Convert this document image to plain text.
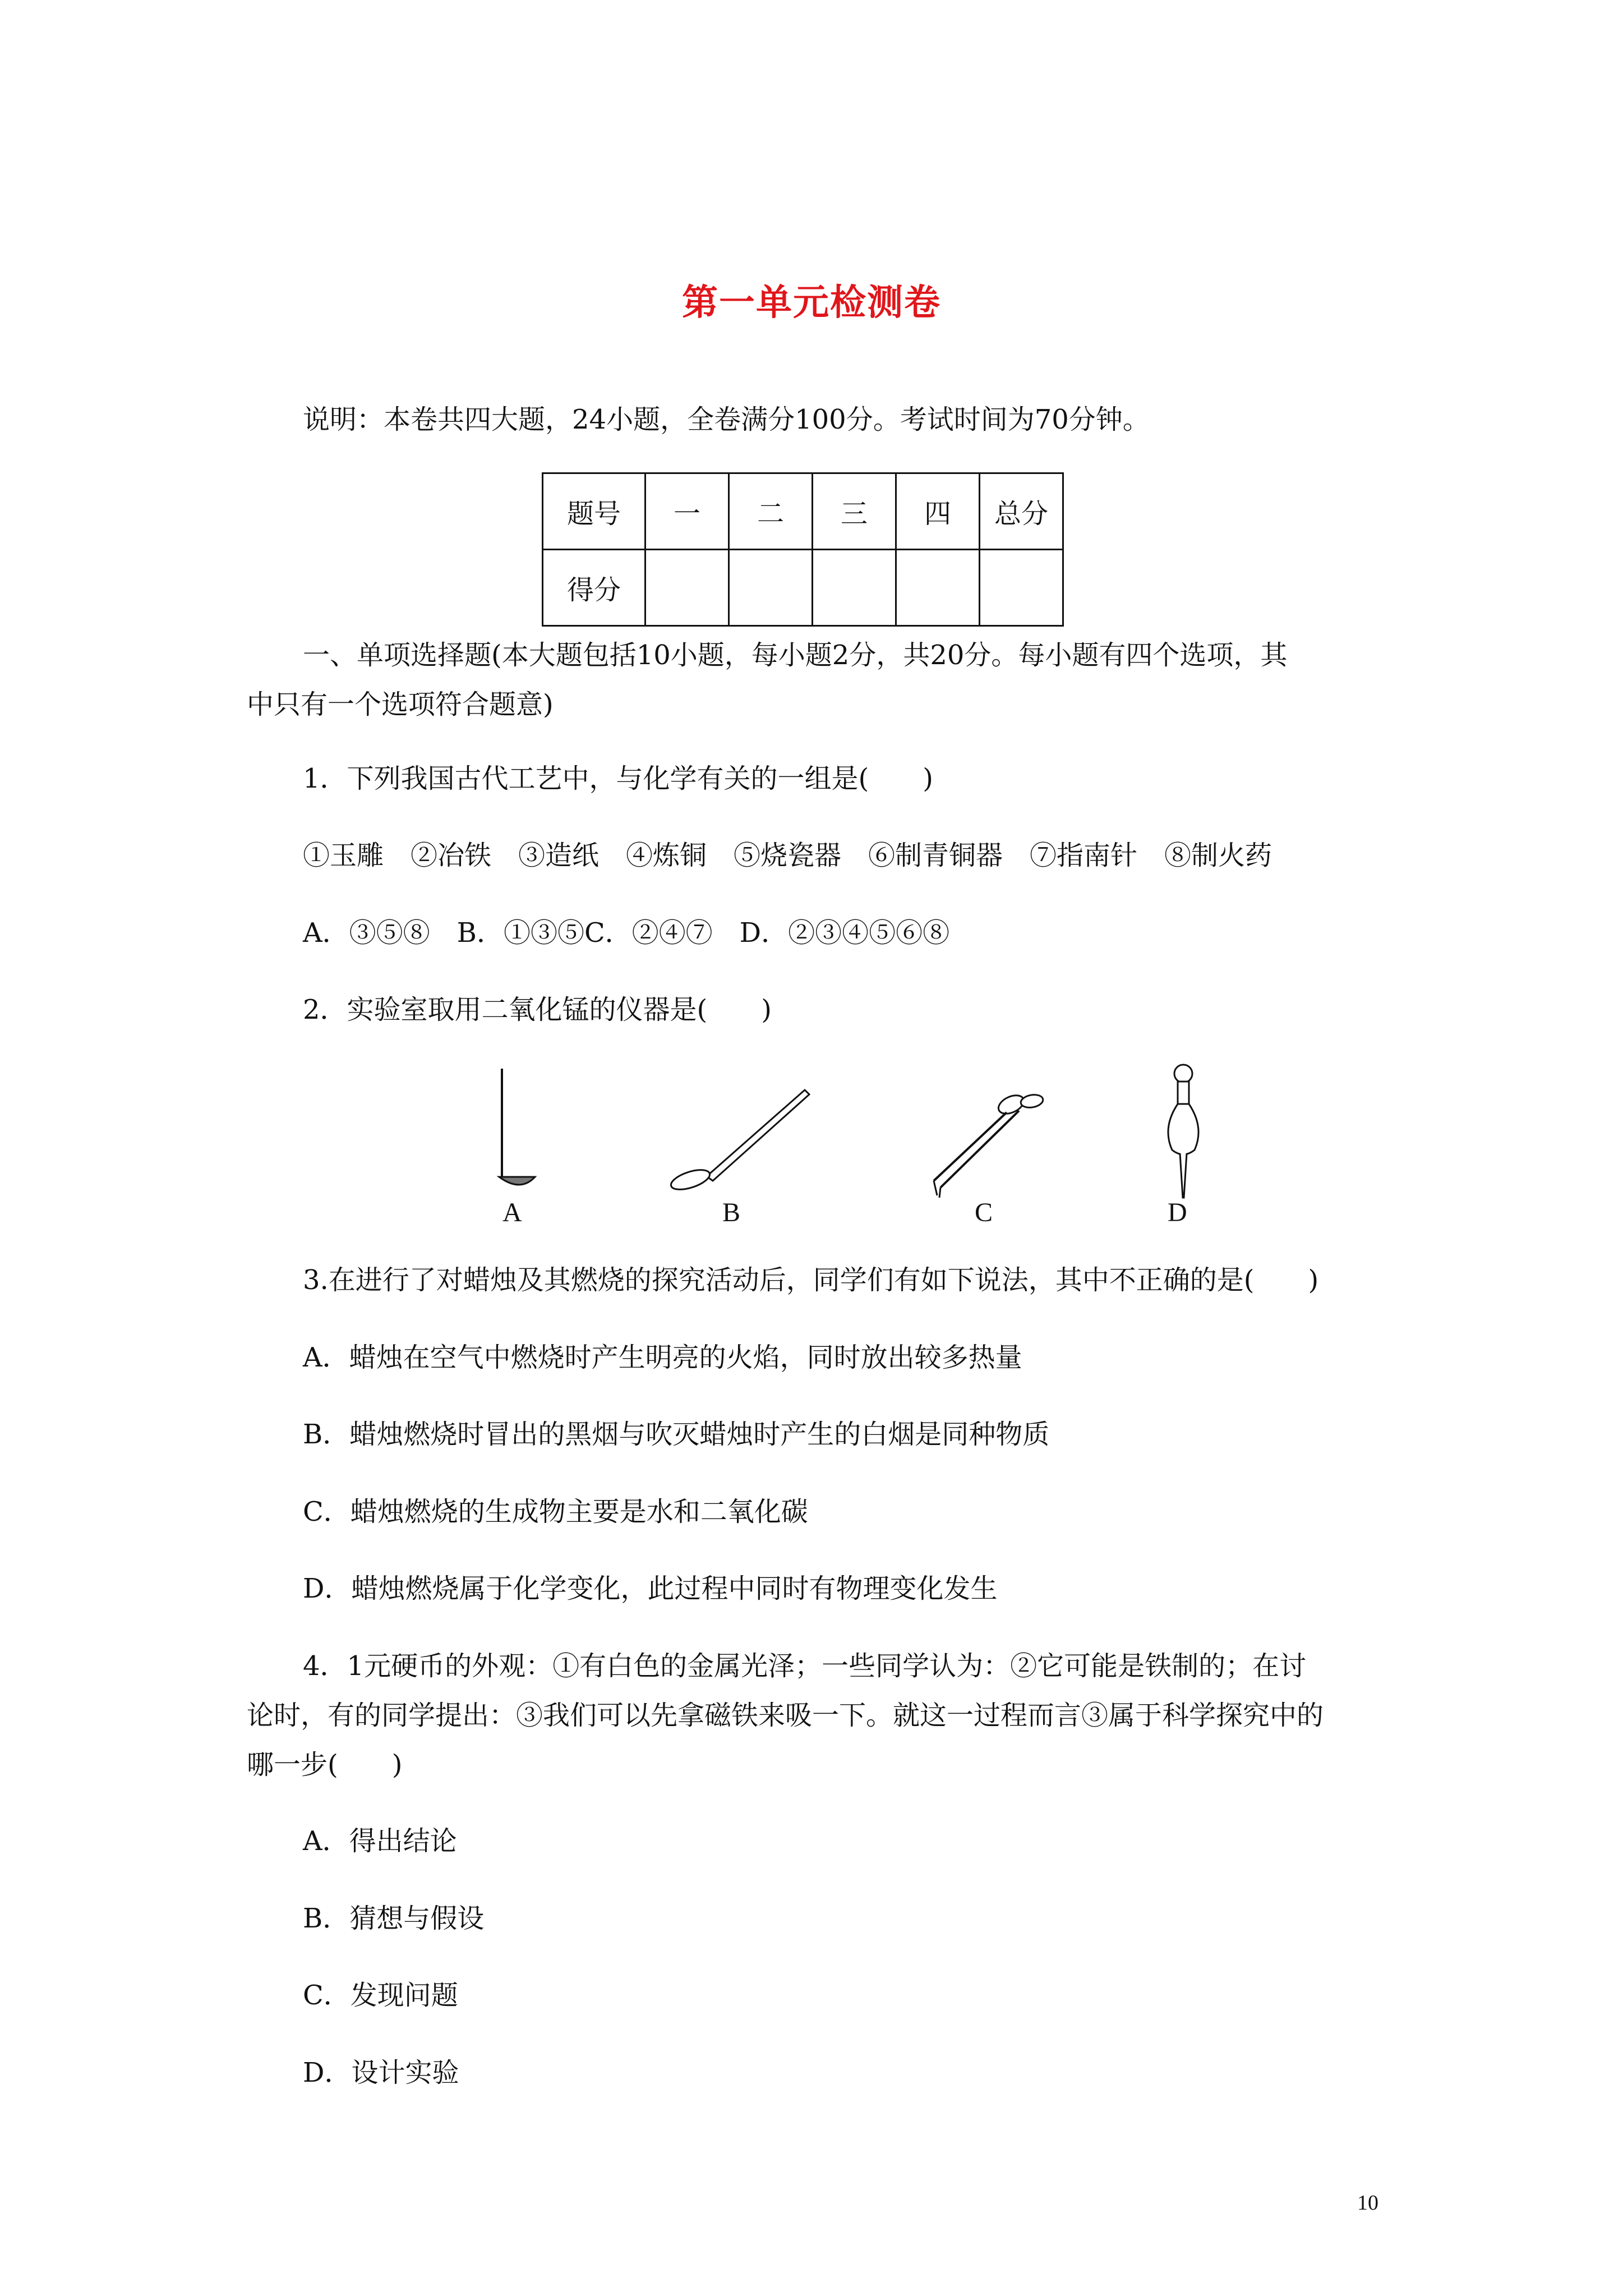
第一单元检测卷
说明：本卷共四大题，24小题，全卷满分100分。考试时间为70分钟。
题号	一	二	三	四	总分
得分					
一、单项选择题(本大题包括10小题，每小题2分，共20分。每小题有四个选项，其
中只有一个选项符合题意)
1．下列我国古代工艺中，与化学有关的一组是(　　)
①玉雕　②冶铁　③造纸　④炼铜　⑤烧瓷器　⑥制青铜器　⑦指南针　⑧制火药
A．③⑤⑧　B．①③⑤C．②④⑦　D．②③④⑤⑥⑧
2．实验室取用二氧化锰的仪器是(　　)
A	B	C	D
3.在进行了对蜡烛及其燃烧的探究活动后，同学们有如下说法，其中不正确的是(　　)
A．蜡烛在空气中燃烧时产生明亮的火焰，同时放出较多热量
B．蜡烛燃烧时冒出的黑烟与吹灭蜡烛时产生的白烟是同种物质
C．蜡烛燃烧的生成物主要是水和二氧化碳
D．蜡烛燃烧属于化学变化，此过程中同时有物理变化发生
4．1元硬币的外观：①有白色的金属光泽；一些同学认为：②它可能是铁制的；在讨
论时，有的同学提出：③我们可以先拿磁铁来吸一下。就这一过程而言③属于科学探究中的
哪一步(　　)
A．得出结论
B．猜想与假设
C．发现问题
D．设计实验
10
